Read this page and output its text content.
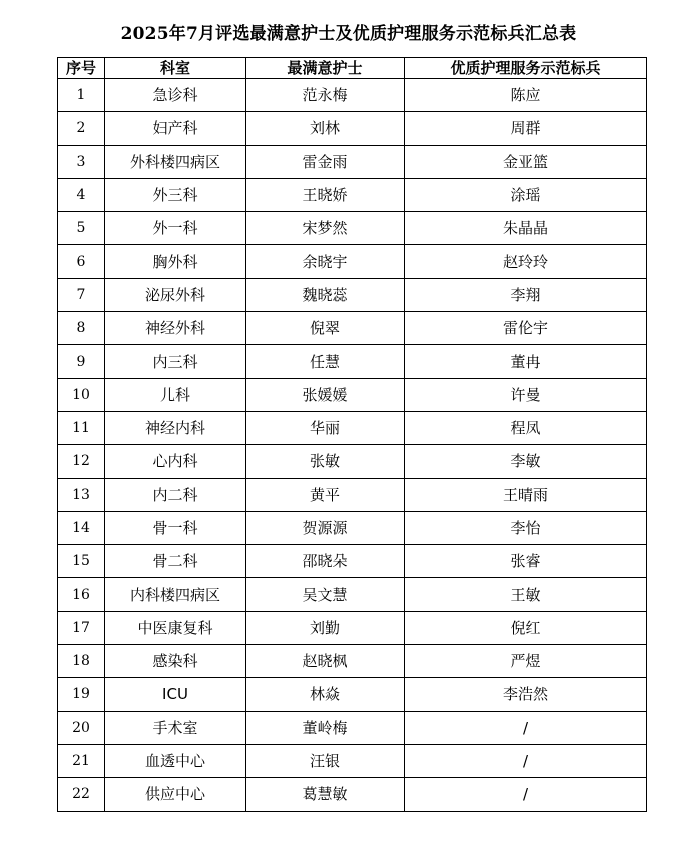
2025年7月评选最满意护士及优质护理服务示范标兵汇总表
序号	科室	最满意护士	优质护理服务示范标兵
1	急诊科	范永梅	陈应
2	妇产科	刘林	周群
3	外科楼四病区	雷金雨	金亚篮
4	外三科	王晓娇	涂瑶
5	外一科	宋梦然	朱晶晶
6	胸外科	余晓宇	赵玲玲
7	泌尿外科	魏晓蕊	李翔
8	神经外科	倪翠	雷伦宇
9	内三科	任慧	董冉
10	儿科	张媛媛	许曼
11	神经内科	华丽	程凤
12	心内科	张敏	李敏
13	内二科	黄平	王晴雨
14	骨一科	贺源源	李怡
15	骨二科	邵晓朵	张睿
16	内科楼四病区	吴文慧	王敏
17	中医康复科	刘勤	倪红
18	感染科	赵晓枫	严煜
19	ICU	林焱	李浩然
20	手术室	董岭梅	/
21	血透中心	汪银	/
22	供应中心	葛慧敏	/
